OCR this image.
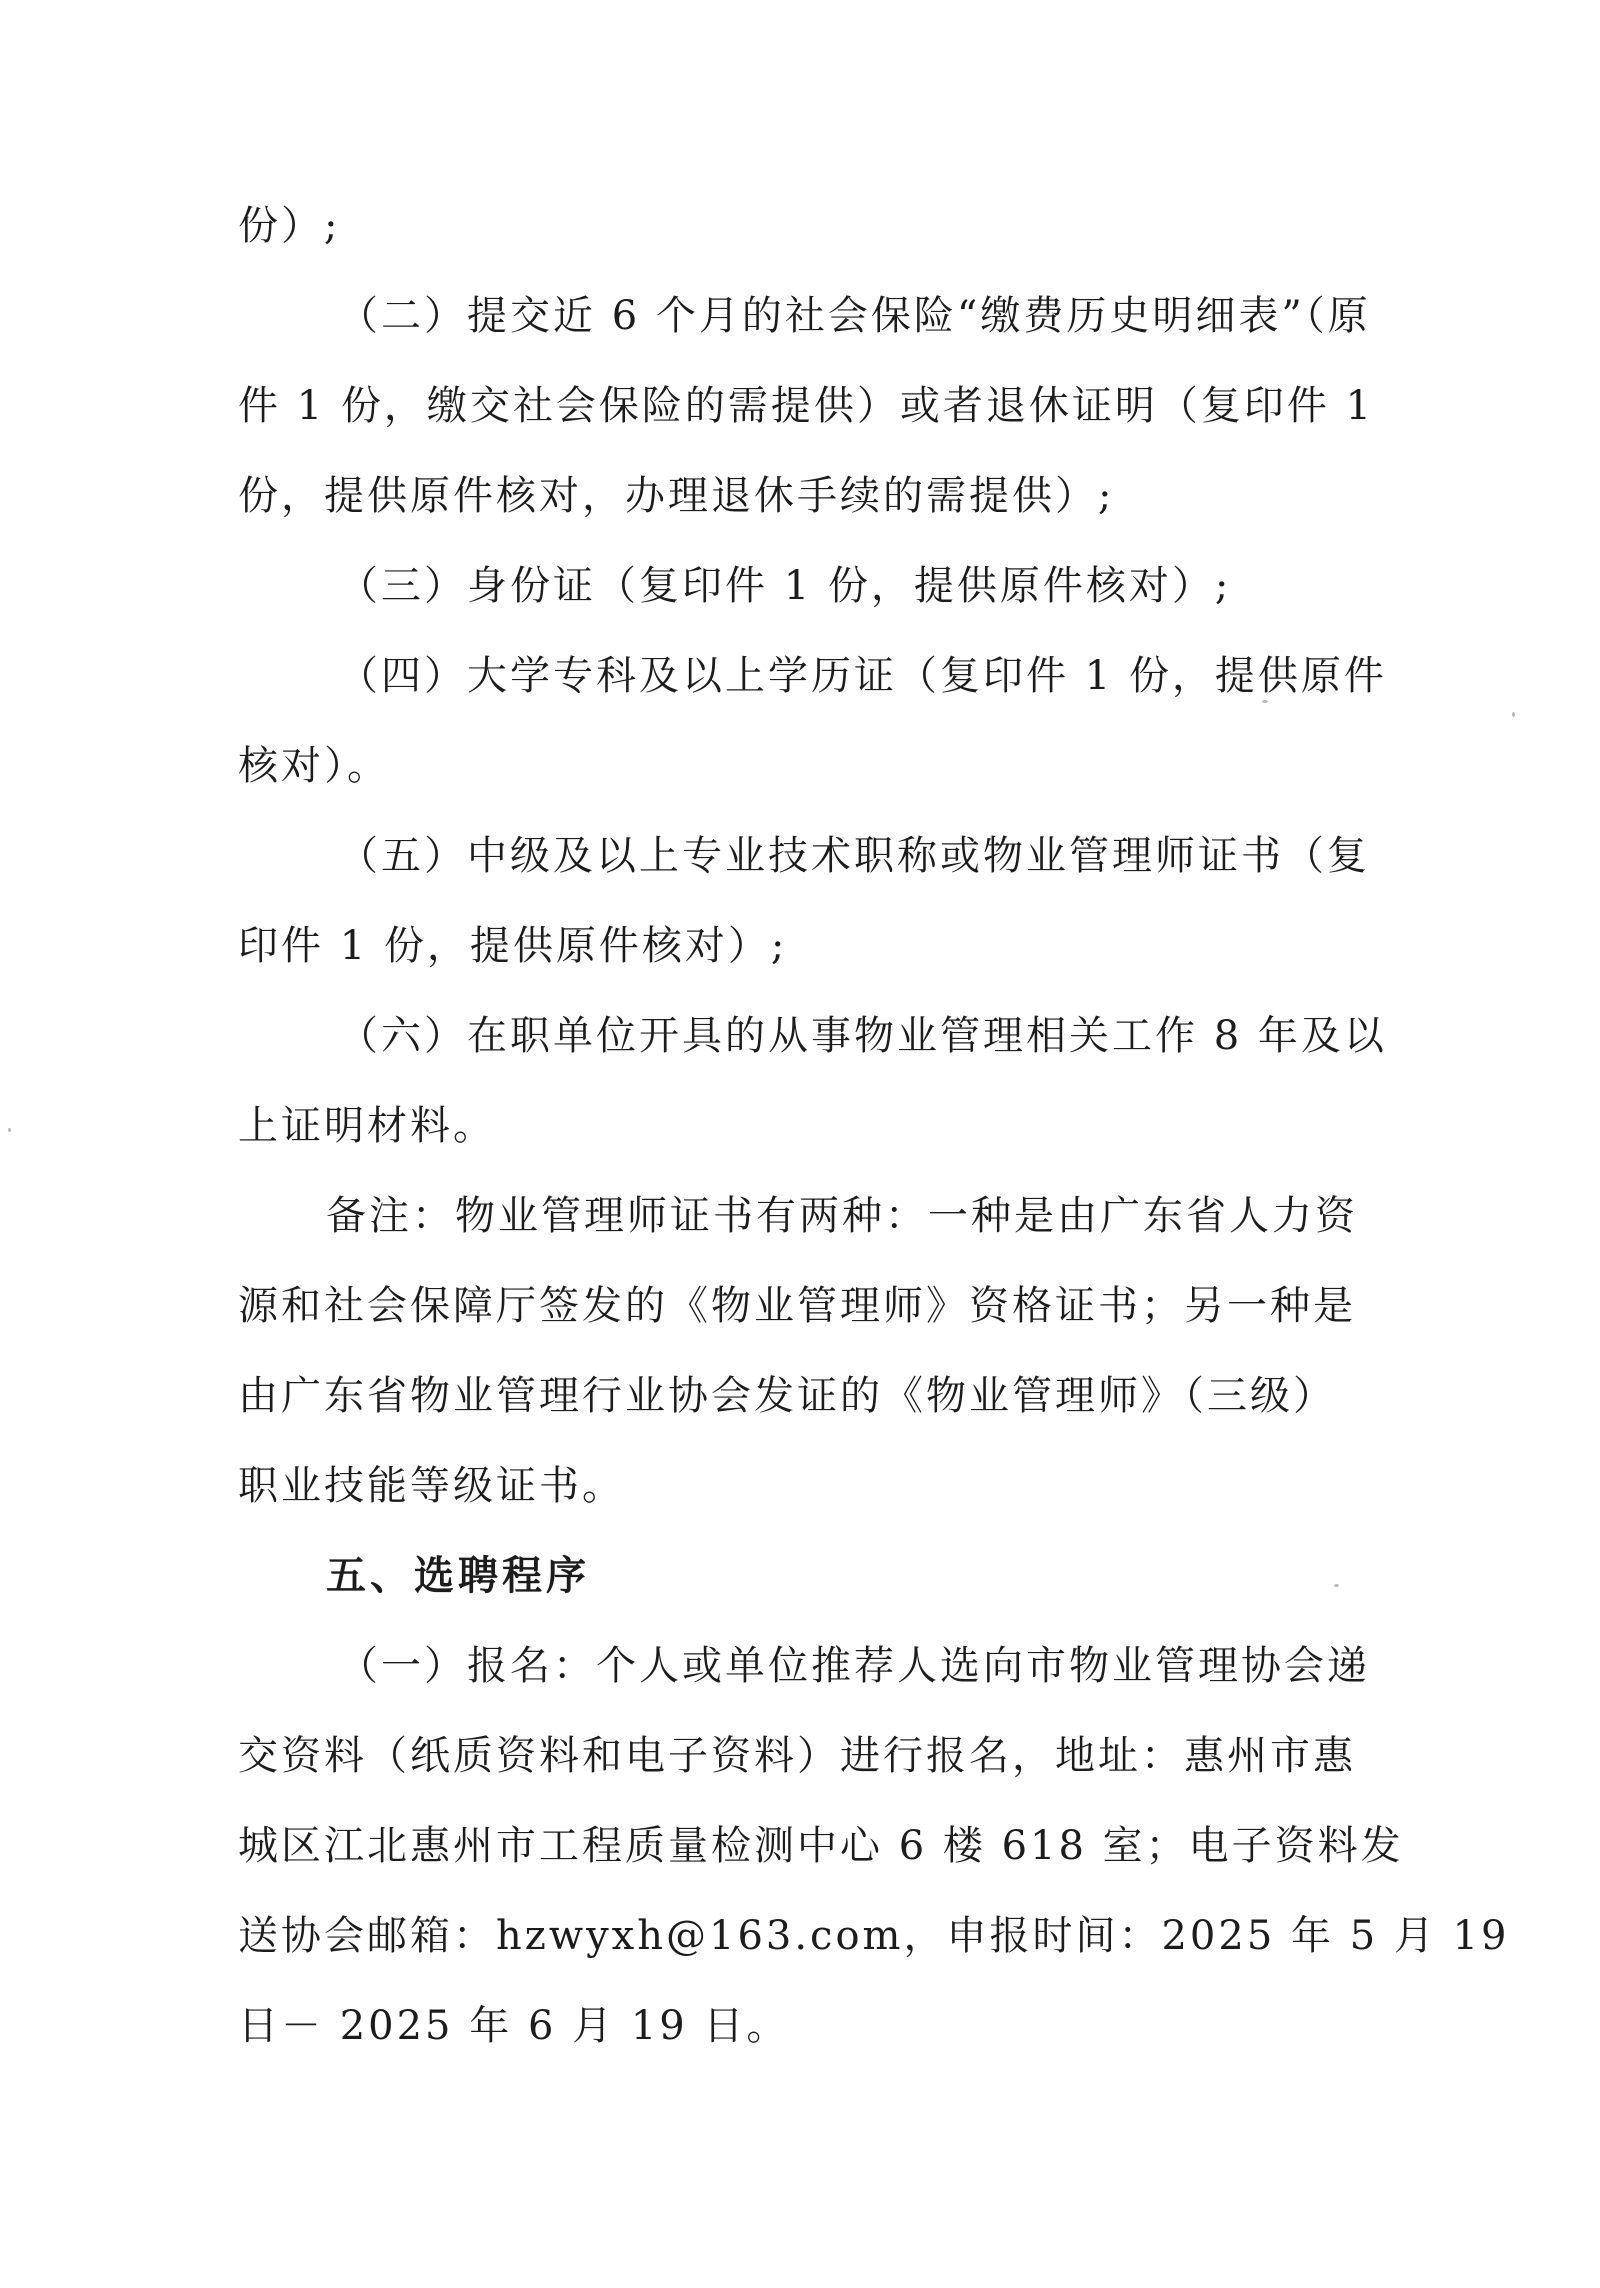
份）;
（二）提交近 6 个月的社会保险“缴费历史明细表”（原
件 1 份，缴交社会保险的需提供）或者退休证明（复印件 1
份，提供原件核对，办理退休手续的需提供）;
（三）身份证（复印件 1 份，提供原件核对）;
（四）大学专科及以上学历证（复印件 1 份，提供原件
核对）。
（五）中级及以上专业技术职称或物业管理师证书（复
印件 1 份，提供原件核对）;
（六）在职单位开具的从事物业管理相关工作 8 年及以
上证明材料。
备注：物业管理师证书有两种：一种是由广东省人力资
源和社会保障厅签发的《物业管理师》资格证书；另一种是
由广东省物业管理行业协会发证的《物业管理师》（三级）
职业技能等级证书。
五、选聘程序
（一）报名：个人或单位推荐人选向市物业管理协会递
交资料（纸质资料和电子资料）进行报名，地址：惠州市惠
城区江北惠州市工程质量检测中心 6 楼 618 室；电子资料发
送协会邮箱：hzwyxh@163.com，申报时间：2025 年 5 月 19
日－ 2025 年 6 月 19 日。
